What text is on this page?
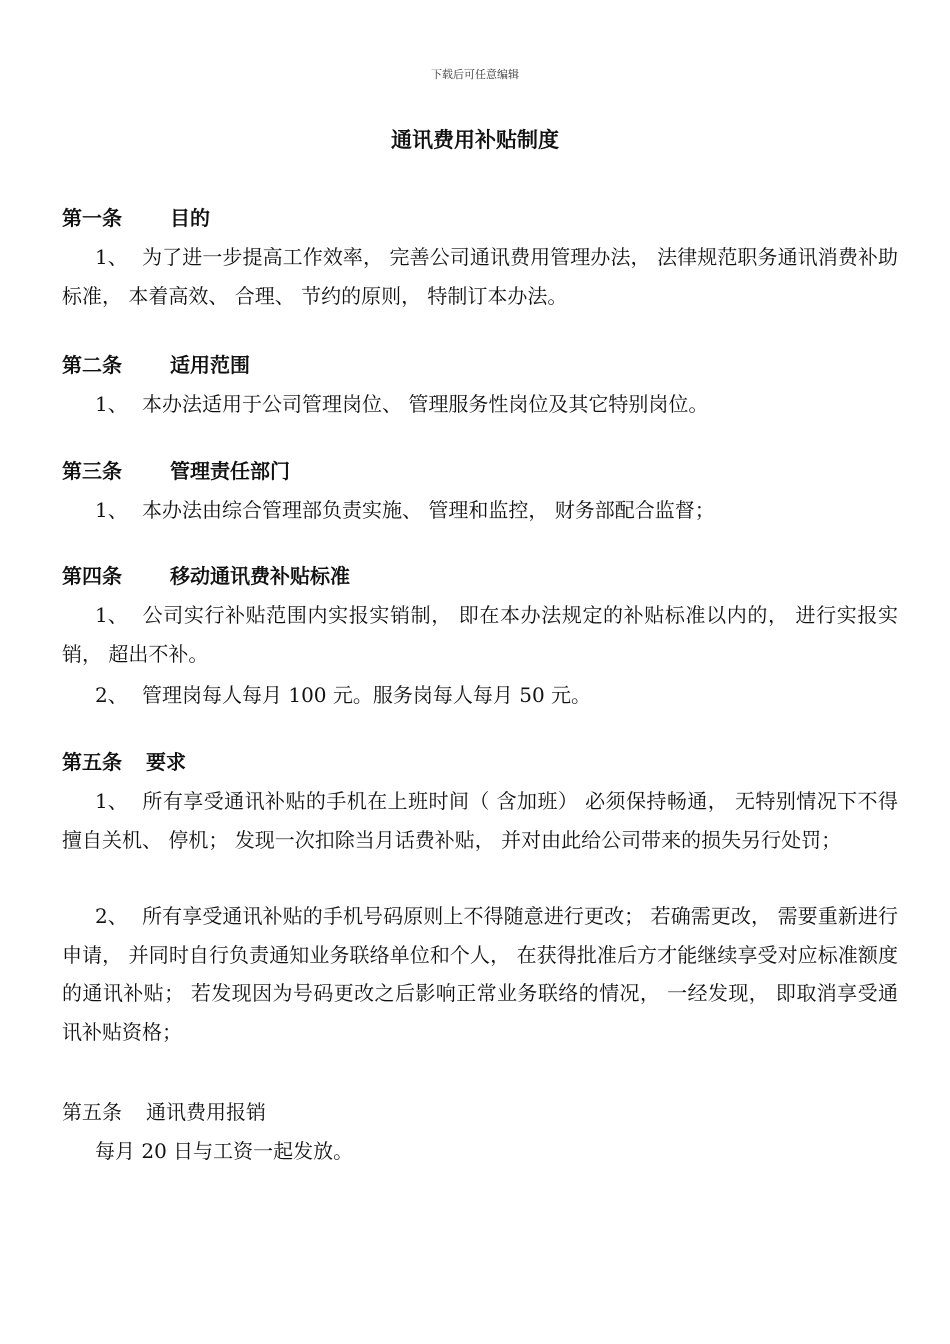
下载后可任意编辑
通讯费用补贴制度
第一条 目的
1、 为了进一步提高工作效率， 完善公司通讯费用管理办法， 法律规范职务通讯消费补助标准， 本着高效、 合理、 节约的原则， 特制订本办法。
第二条 适用范围
1、 本办法适用于公司管理岗位、 管理服务性岗位及其它特别岗位。
第三条 管理责任部门
1、 本办法由综合管理部负责实施、 管理和监控， 财务部配合监督；
第四条 移动通讯费补贴标准
1、 公司实行补贴范围内实报实销制， 即在本办法规定的补贴标准以内的， 进行实报实销， 超出不补。
2、 管理岗每人每月 100 元。服务岗每人每月 50 元。
第五条 要求
1、 所有享受通讯补贴的手机在上班时间（ 含加班） 必须保持畅通， 无特别情况下不得擅自关机、 停机； 发现一次扣除当月话费补贴， 并对由此给公司带来的损失另行处罚；
2、 所有享受通讯补贴的手机号码原则上不得随意进行更改； 若确需更改， 需要重新进行申请， 并同时自行负责通知业务联络单位和个人， 在获得批准后方才能继续享受对应标准额度的通讯补贴； 若发现因为号码更改之后影响正常业务联络的情况， 一经发现， 即取消享受通讯补贴资格；
第五条 通讯费用报销
每月 20 日与工资一起发放。
